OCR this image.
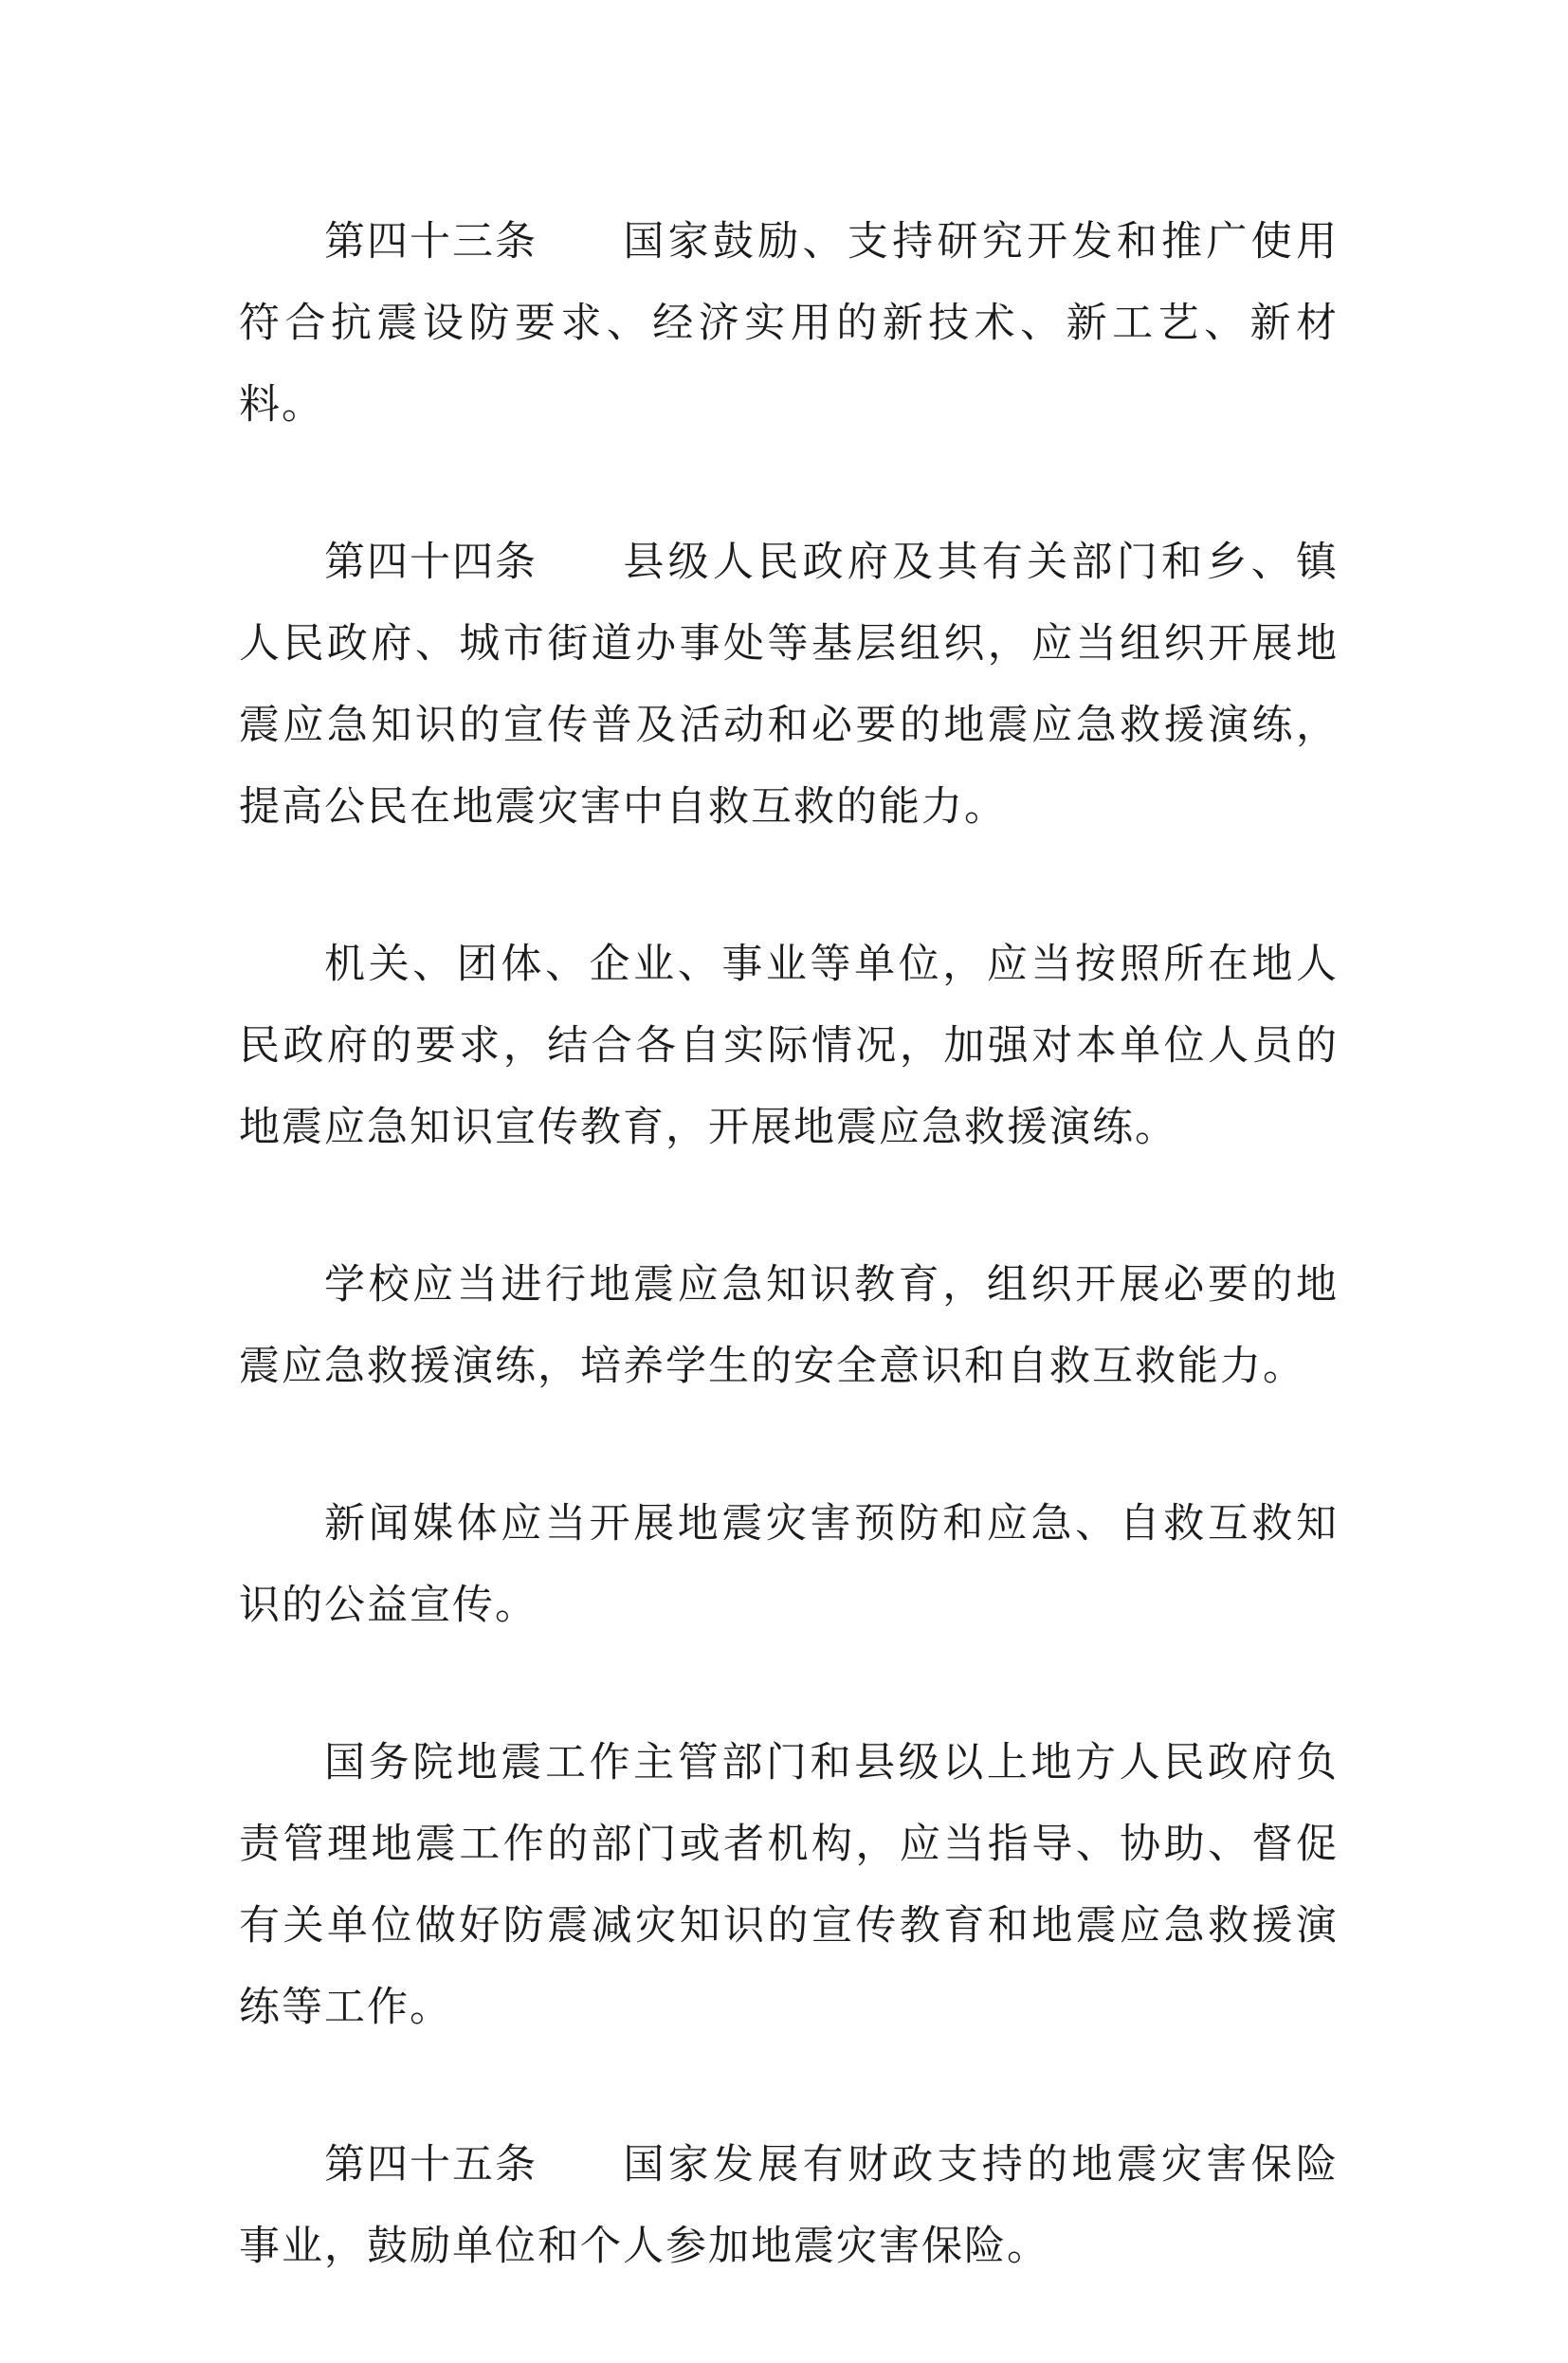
第四十三条 国家鼓励、支持研究开发和推广使用符合抗震设防要求、经济实用的新技术、新工艺、新材料。

第四十四条 县级人民政府及其有关部门和乡、镇人民政府、城市街道办事处等基层组织，应当组织开展地震应急知识的宣传普及活动和必要的地震应急救援演练，提高公民在地震灾害中自救互救的能力。

机关、团体、企业、事业等单位，应当按照所在地人民政府的要求，结合各自实际情况，加强对本单位人员的地震应急知识宣传教育，开展地震应急救援演练。

学校应当进行地震应急知识教育，组织开展必要的地震应急救援演练，培养学生的安全意识和自救互救能力。

新闻媒体应当开展地震灾害预防和应急、自救互救知识的公益宣传。

国务院地震工作主管部门和县级以上地方人民政府负责管理地震工作的部门或者机构，应当指导、协助、督促有关单位做好防震减灾知识的宣传教育和地震应急救援演练等工作。

第四十五条 国家发展有财政支持的地震灾害保险事业，鼓励单位和个人参加地震灾害保险。
